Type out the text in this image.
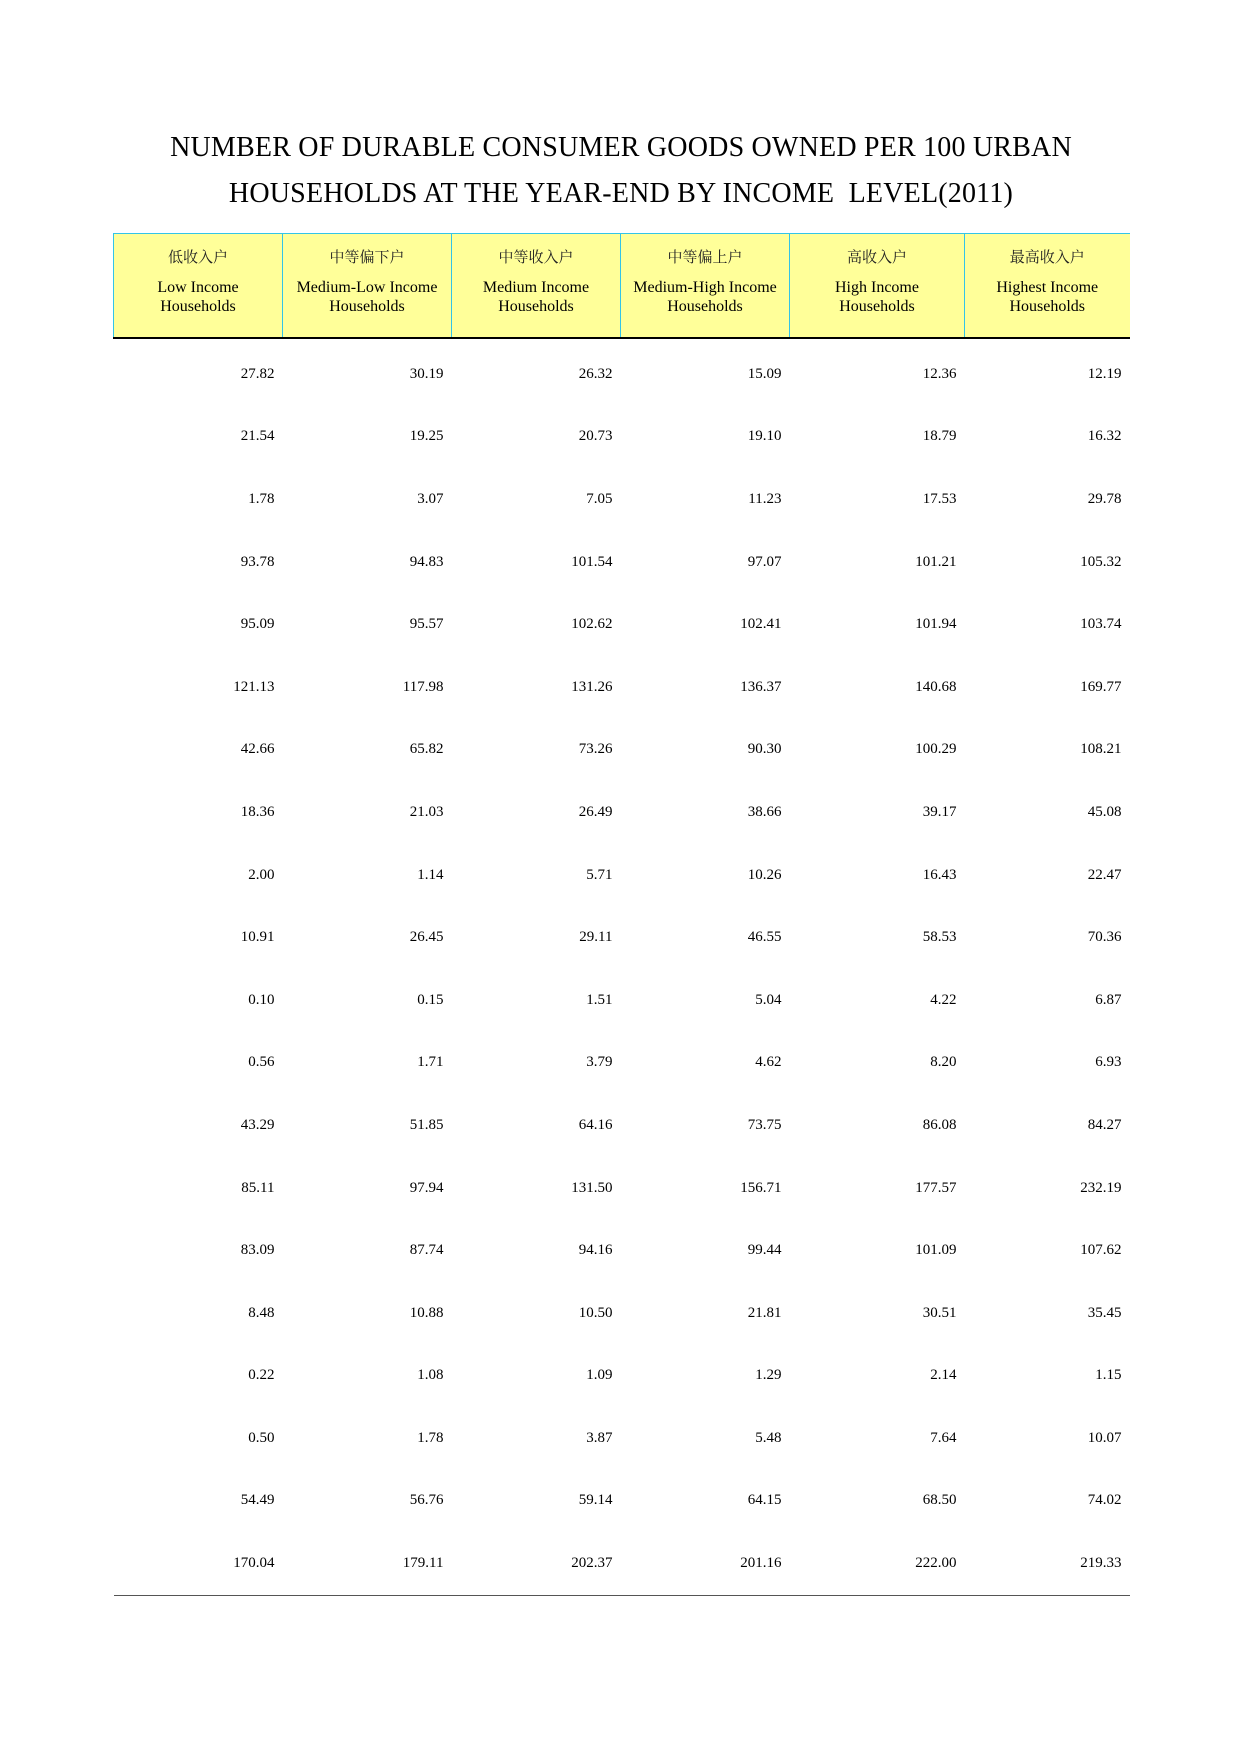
NUMBER OF DURABLE CONSUMER GOODS OWNED PER 100 URBAN
HOUSEHOLDS AT THE YEAR-END BY INCOME  LEVEL(2011)
低收入户
Low Income
Households	中等偏下户
Medium-Low Income
Households	中等收入户
Medium Income
Households	中等偏上户
Medium-High Income
Households	高收入户
High Income
Households	最高收入户
Highest Income
Households

27.82	30.19	26.32	15.09	12.36	12.19
21.54	19.25	20.73	19.10	18.79	16.32
1.78	3.07	7.05	11.23	17.53	29.78
93.78	94.83	101.54	97.07	101.21	105.32
95.09	95.57	102.62	102.41	101.94	103.74
121.13	117.98	131.26	136.37	140.68	169.77
42.66	65.82	73.26	90.30	100.29	108.21
18.36	21.03	26.49	38.66	39.17	45.08
2.00	1.14	5.71	10.26	16.43	22.47
10.91	26.45	29.11	46.55	58.53	70.36
0.10	0.15	1.51	5.04	4.22	6.87
0.56	1.71	3.79	4.62	8.20	6.93
43.29	51.85	64.16	73.75	86.08	84.27
85.11	97.94	131.50	156.71	177.57	232.19
83.09	87.74	94.16	99.44	101.09	107.62
8.48	10.88	10.50	21.81	30.51	35.45
0.22	1.08	1.09	1.29	2.14	1.15
0.50	1.78	3.87	5.48	7.64	10.07
54.49	56.76	59.14	64.15	68.50	74.02
170.04	179.11	202.37	201.16	222.00	219.33
